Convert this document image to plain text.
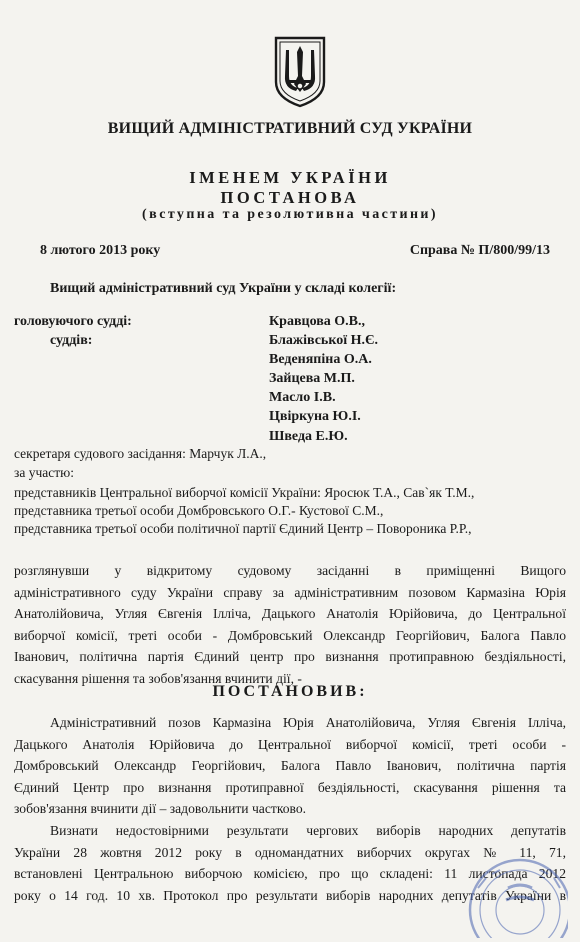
ВИЩИЙ АДМІНІСТРАТИВНИЙ СУД УКРАЇНИ
ІМЕНЕМ УКРАЇНИ
ПОСТАНОВА
(вступна та резолютивна частини)
8 лютого 2013 року	Справа № П/800/99/13
Вищий адміністративний суд України у складі колегії:
головуючого судді:
суддів:
Кравцова О.В.,
Блажівської Н.Є.
Веденяпіна О.А.
Зайцева М.П.
Масло І.В.
Цвіркуна Ю.І.
Шведа Е.Ю.
секретаря судового засідання: Марчук Л.А.,
за участю:
представників Центральної виборчої комісії України: Яросюк Т.А., Сав`як Т.М.,
представника третьої особи Домбровського О.Г.- Кустової С.М.,
представника третьої особи політичної партії Єдиний Центр – Повороника Р.Р.,
розглянувши у відкритому судовому засіданні в приміщенні Вищого
адміністративного суду України справу за адміністративним позовом Кармазіна Юрія
Анатолійовича, Угляя Євгенія Ілліча, Дацького Анатолія Юрійовича, до Центральної
виборчої комісії, треті особи - Домбровський Олександр Георгійович, Балога Павло
Іванович, політична партія Єдиний центр про визнання протиправною бездіяльності,
скасування рішення та зобов'язання вчинити дії, -
ПОСТАНОВИВ:
Адміністративний позов Кармазіна Юрія Анатолійовича, Угляя Євгенія Ілліча,
Дацького Анатолія Юрійовича до Центральної виборчої комісії, треті особи -
Домбровський Олександр Георгійович, Балога Павло Іванович, політична партія
Єдиний Центр про визнання протиправної бездіяльності, скасування рішення та
зобов'язання вчинити дії – задовольнити частково.
Визнати недостовірними результати чергових виборів народних депутатів
України 28 жовтня 2012 року в одномандатних виборчих округах № 11, 71,
встановлені Центральною виборчою комісією, про що складені: 11 листопада 2012
року о 14 год. 10 хв. Протокол про результати виборів народних депутатів України в
